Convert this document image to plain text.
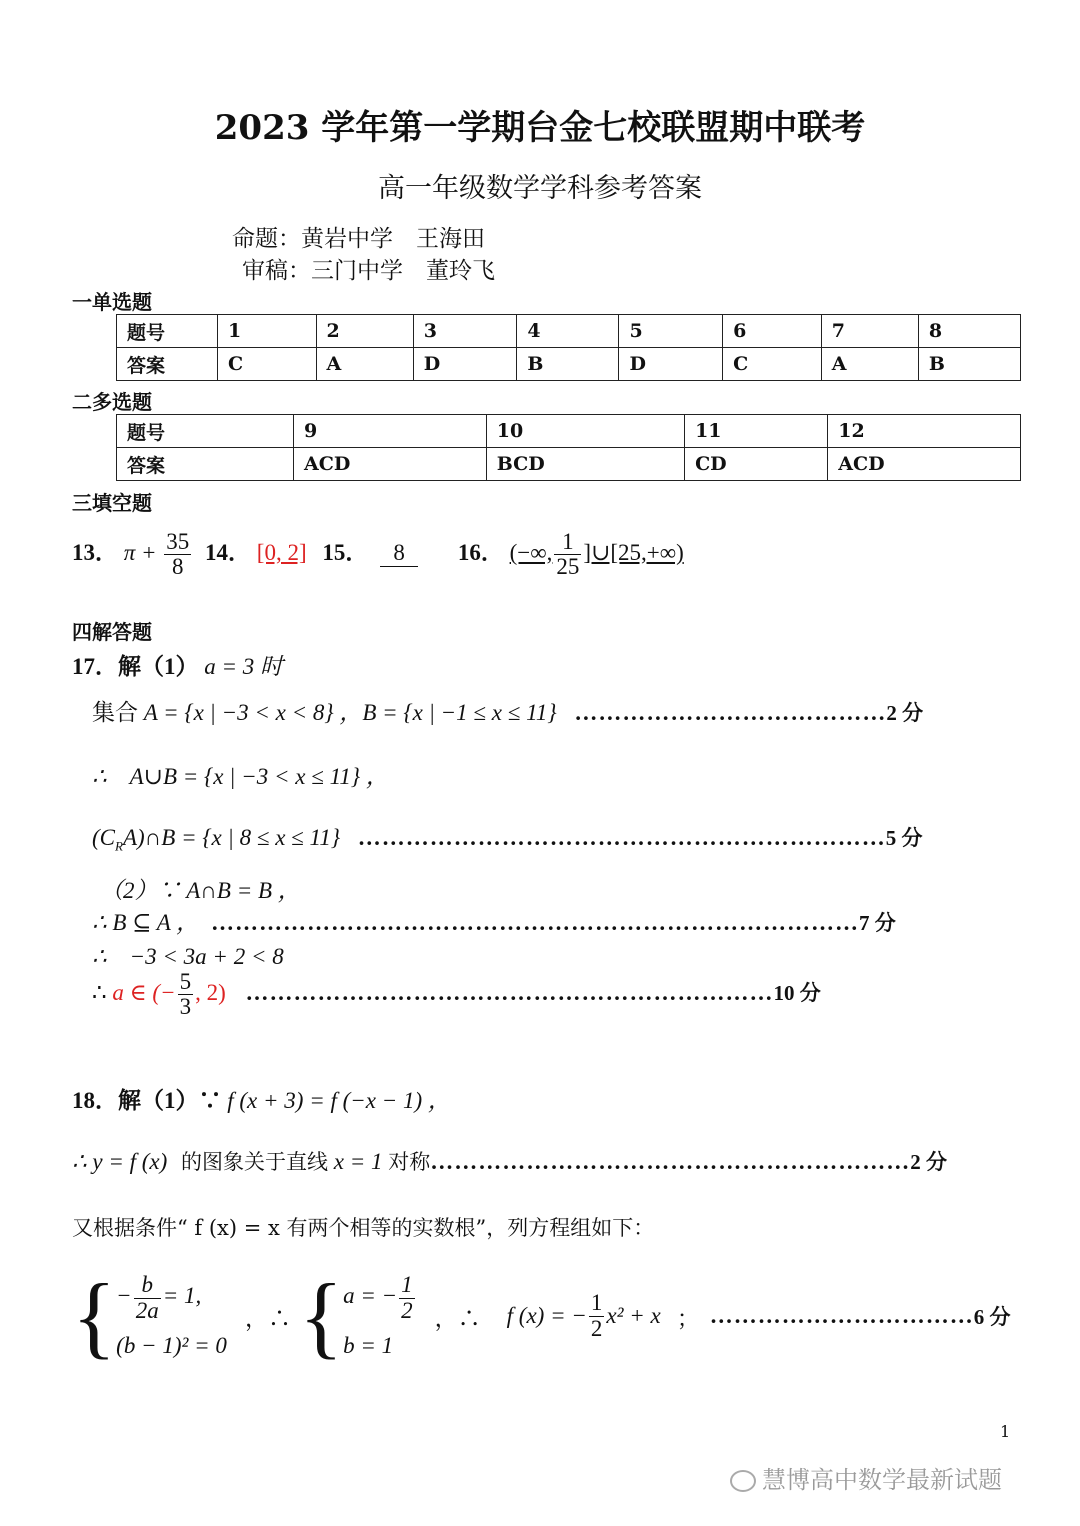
2023 学年第一学期台金七校联盟期中联考
高一年级数学学科参考答案
命题：黄岩中学　王海田
审稿：三门中学　董玲飞
一单选题
题号	1	2	3	4	5	6	7	8
答案	C	A	D	B	D	C	A	B
二多选题
题号	9	10	11	12
答案	ACD	BCD	CD	ACD
三填空题
13． $\pi + \frac{35}{8} 14$． [0, 2] 15． 8 16． (−∞, $\frac{1}{25}$ ]∪[25,+∞)
四解答题
17．解（1） a = 3 时
集合 A = {x | −3 < x < 8} ，B = {x | −1 ≤ x ≤ 11} …………………………………2 分
∴　A∪B = {x | −3 < x ≤ 11} ，
$(C_RA)\cap B = \{x$ | 8 ≤ x ≤ 11} …………………………………………………………5 分
（2）∵ A∩B = B ，
∴ B ⊆ A ， ………………………………………………………………………7 分
∴　−3 < 3a + 2 < 8
∴ a ∈ (− $\frac{5}{3}$ , 2) …………………………………………………………10 分
18．解（1）∵ f (x + 3) = f (−x − 1) ，
∴ y = f (x) 的图象关于直线 x = 1 对称……………………………………………………2 分
又根据条件“ f (x) = x 有两个相等的实数根”，列方程组如下：
{ − $\frac{b}{2a} = 1$,
(b − 1)² = 0
，∴ { a = − $\frac{1}{2}$
b = 1
，∴ f (x) = − $\frac{1}{2} x^2 + x$ ； …………………………… 6 分
1
慧博高中数学最新试题
